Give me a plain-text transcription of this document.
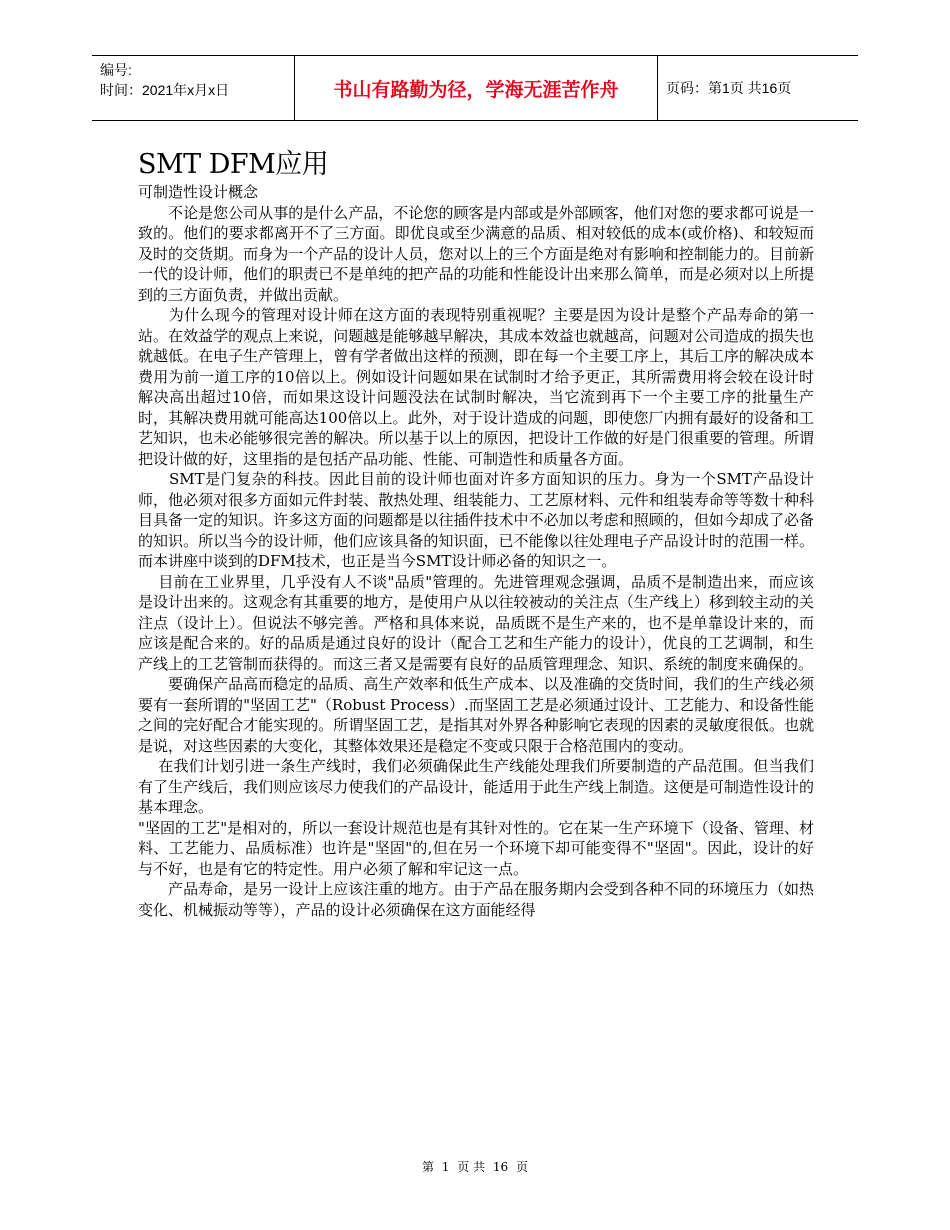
编号:
时间：2021年x月x日	书山有路勤为径，学海无涯苦作舟	页码：第1页 共16页
SMT DFM应用
可制造性设计概念

　　不论是您公司从事的是什么产品，不论您的顾客是内部或是外部顾客，他们对您的要求都可说是一致的。他们的要求都离开不了三方面。即优良或至少满意的品质、相对较低的成本(或价格)、和较短而及时的交货期。而身为一个产品的设计人员，您对以上的三个方面是绝对有影响和控制能力的。目前新一代的设计师，他们的职责已不是单纯的把产品的功能和性能设计出来那么简单，而是必须对以上所提到的三方面负责，并做出贡献。

　　为什么现今的管理对设计师在这方面的表现特别重视呢？主要是因为设计是整个产品寿命的第一站。在效益学的观点上来说，问题越是能够越早解决，其成本效益也就越高，问题对公司造成的损失也就越低。在电子生产管理上，曾有学者做出这样的预测，即在每一个主要工序上，其后工序的解决成本费用为前一道工序的10倍以上。例如设计问题如果在试制时才给予更正，其所需费用将会较在设计时解决高出超过10倍，而如果这设计问题没法在试制时解决，当它流到再下一个主要工序的批量生产时，其解决费用就可能高达100倍以上。此外，对于设计造成的问题，即使您厂内拥有最好的设备和工艺知识，也未必能够很完善的解决。所以基于以上的原因，把设计工作做的好是门很重要的管理。所谓把设计做的好，这里指的是包括产品功能、性能、可制造性和质量各方面。

　　SMT是门复杂的科技。因此目前的设计师也面对许多方面知识的压力。身为一个SMT产品设计师，他必须对很多方面如元件封装、散热处理、组装能力、工艺原材料、元件和组装寿命等等数十种科目具备一定的知识。许多这方面的问题都是以往插件技术中不必加以考虑和照顾的，但如今却成了必备的知识。所以当今的设计师，他们应该具备的知识面，已不能像以往处理电子产品设计时的范围一样。而本讲座中谈到的DFM技术，也正是当今SMT设计师必备的知识之一。

　 目前在工业界里，几乎没有人不谈"品质"管理的。先进管理观念强调，品质不是制造出来，而应该是设计出来的。这观念有其重要的地方，是使用户从以往较被动的关注点（生产线上）移到较主动的关注点（设计上）。但说法不够完善。严格和具体来说，品质既不是生产来的，也不是单靠设计来的，而应该是配合来的。好的品质是通过良好的设计（配合工艺和生产能力的设计），优良的工艺调制，和生产线上的工艺管制而获得的。而这三者又是需要有良好的品质管理理念、知识、系统的制度来确保的。

　　要确保产品高而稳定的品质、高生产效率和低生产成本、以及准确的交货时间，我们的生产线必须要有一套所谓的"坚固工艺"（Robust Process）.而坚固工艺是必须通过设计、工艺能力、和设备性能之间的完好配合才能实现的。所谓坚固工艺，是指其对外界各种影响它表现的因素的灵敏度很低。也就是说，对这些因素的大变化，其整体效果还是稳定不变或只限于合格范围内的变动。

　 在我们计划引进一条生产线时，我们必须确保此生产线能处理我们所要制造的产品范围。但当我们有了生产线后，我们则应该尽力使我们的产品设计，能适用于此生产线上制造。这便是可制造性设计的基本理念。

"坚固的工艺"是相对的，所以一套设计规范也是有其针对性的。它在某一生产环境下（设备、管理、材料、工艺能力、品质标准）也许是"坚固"的,但在另一个环境下却可能变得不"坚固"。因此，设计的好与不好，也是有它的特定性。用户必须了解和牢记这一点。

　　产品寿命，是另一设计上应该注重的地方。由于产品在服务期内会受到各种不同的环境压力（如热变化、机械振动等等），产品的设计必须确保在这方面能经得

第 1 页 共 16 页
